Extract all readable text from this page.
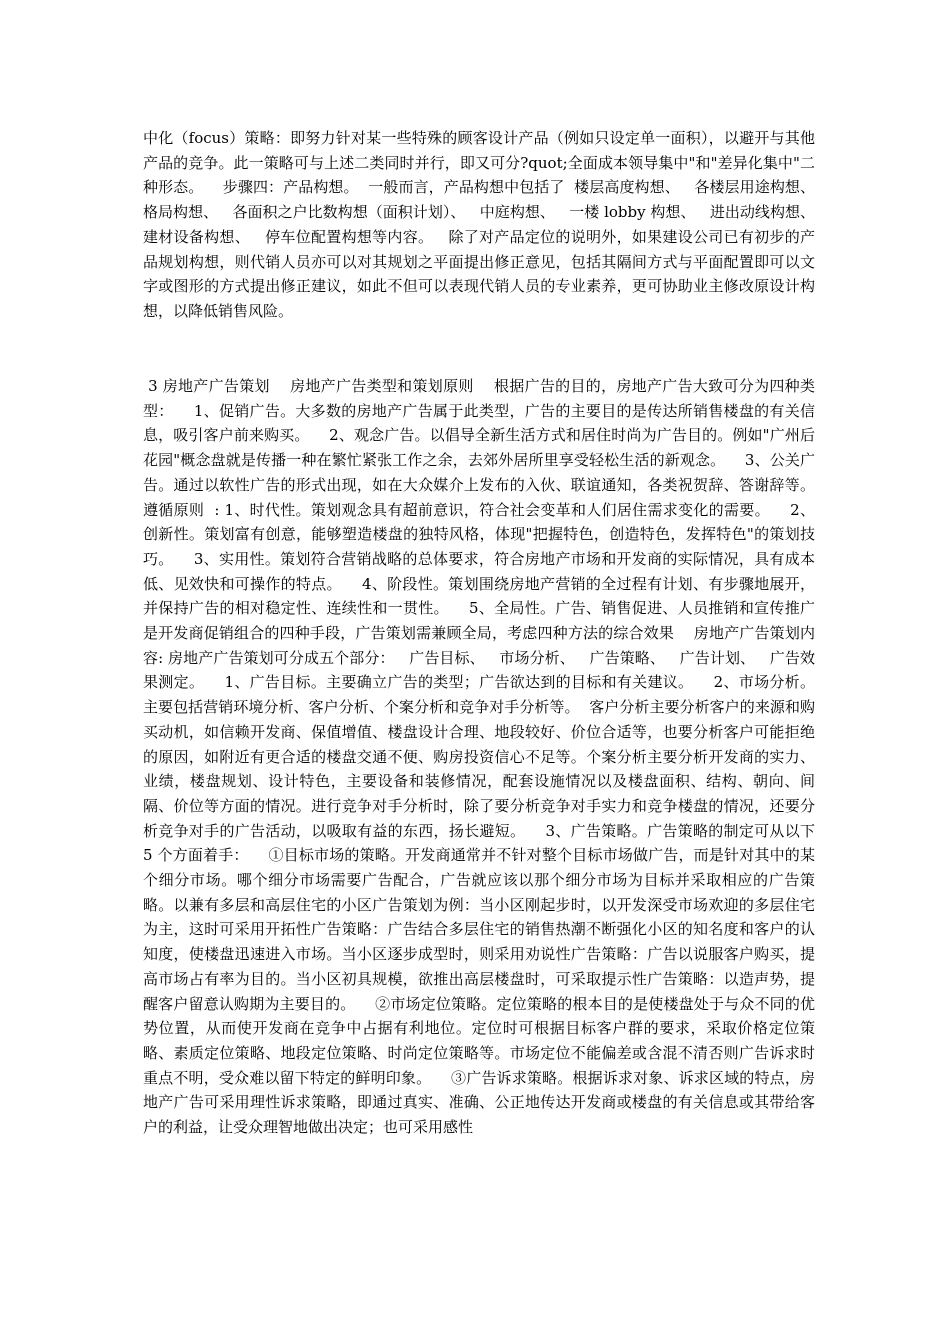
中化（focus）策略：即努力针对某一些特殊的顾客设计产品（例如只设定单一面积），以避开与其他产品的竞争。此一策略可与上述二类同时并行，即又可分?quot;全面成本领导集中"和"差异化集中"二种形态。    步骤四：产品构想。  一般而言，产品构想中包括了  楼层高度构想、   各楼层用途构想、   格局构想、   各面积之户比数构想（面积计划）、   中庭构想、   一楼 lobby 构想、   进出动线构想、   建材设备构想、   停车位配置构想等内容。   除了对产品定位的说明外，如果建设公司已有初步的产品规划构想，则代销人员亦可以对其规划之平面提出修正意见，包括其隔间方式与平面配置即可以文字或图形的方式提出修正建议，如此不但可以表现代销人员的专业素养，更可协助业主修改原设计构想，以降低销售风险。
3 房地产广告策划    房地产广告类型和策划原则    根据广告的目的，房地产广告大致可分为四种类型：    1、促销广告。大多数的房地产广告属于此类型，广告的主要目的是传达所销售楼盘的有关信息，吸引客户前来购买。    2、观念广告。以倡导全新生活方式和居住时尚为广告目的。例如"广州后花园"概念盘就是传播一种在繁忙紧张工作之余，去郊外居所里享受轻松生活的新观念。    3、公关广告。通过以软性广告的形式出现，如在大众媒介上发布的入伙、联谊通知，各类祝贺辞、答谢辞等。   遵循原则  : 1、时代性。策划观念具有超前意识，符合社会变革和人们居住需求变化的需要。    2、创新性。策划富有创意，能够塑造楼盘的独特风格，体现"把握特色，创造特色，发挥特色"的策划技巧。    3、实用性。策划符合营销战略的总体要求，符合房地产市场和开发商的实际情况，具有成本低、见效快和可操作的特点。    4、阶段性。策划围绕房地产营销的全过程有计划、有步骤地展开，并保持广告的相对稳定性、连续性和一贯性。    5、全局性。广告、销售促进、人员推销和宣传推广是开发商促销组合的四种手段，广告策划需兼顾全局，考虑四种方法的综合效果    房地产广告策划内容: 房地产广告策划可分成五个部分：   广告目标、   市场分析、   广告策略、   广告计划、   广告效果测定。    1、广告目标。主要确立广告的类型；广告欲达到的目标和有关建议。    2、市场分析。主要包括营销环境分析、客户分析、个案分析和竞争对手分析等。  客户分析主要分析客户的来源和购买动机，如信赖开发商、保值增值、楼盘设计合理、地段较好、价位合适等，也要分析客户可能拒绝的原因，如附近有更合适的楼盘交通不便、购房投资信心不足等。个案分析主要分析开发商的实力、业绩，楼盘规划、设计特色，主要设备和装修情况，配套设施情况以及楼盘面积、结构、朝向、间隔、价位等方面的情况。进行竞争对手分析时，除了要分析竞争对手实力和竞争楼盘的情况，还要分析竞争对手的广告活动，以吸取有益的东西，扬长避短。    3、广告策略。广告策略的制定可从以下 5 个方面着手：    ①目标市场的策略。开发商通常并不针对整个目标市场做广告，而是针对其中的某个细分市场。哪个细分市场需要广告配合，广告就应该以那个细分市场为目标并采取相应的广告策略。以兼有多层和高层住宅的小区广告策划为例：当小区刚起步时，以开发深受市场欢迎的多层住宅为主，这时可采用开拓性广告策略：广告结合多层住宅的销售热潮不断强化小区的知名度和客户的认知度，使楼盘迅速进入市场。当小区逐步成型时，则采用劝说性广告策略：广告以说服客户购买，提高市场占有率为目的。当小区初具规模，欲推出高层楼盘时，可采取提示性广告策略：以造声势，提醒客户留意认购期为主要目的。    ②市场定位策略。定位策略的根本目的是使楼盘处于与众不同的优势位置，从而使开发商在竞争中占据有利地位。定位时可根据目标客户群的要求，采取价格定位策略、素质定位策略、地段定位策略、时尚定位策略等。市场定位不能偏差或含混不清否则广告诉求时重点不明，受众难以留下特定的鲜明印象。    ③广告诉求策略。根据诉求对象、诉求区域的特点，房地产广告可采用理性诉求策略，即通过真实、准确、公正地传达开发商或楼盘的有关信息或其带给客户的利益，让受众理智地做出决定；也可采用感性
